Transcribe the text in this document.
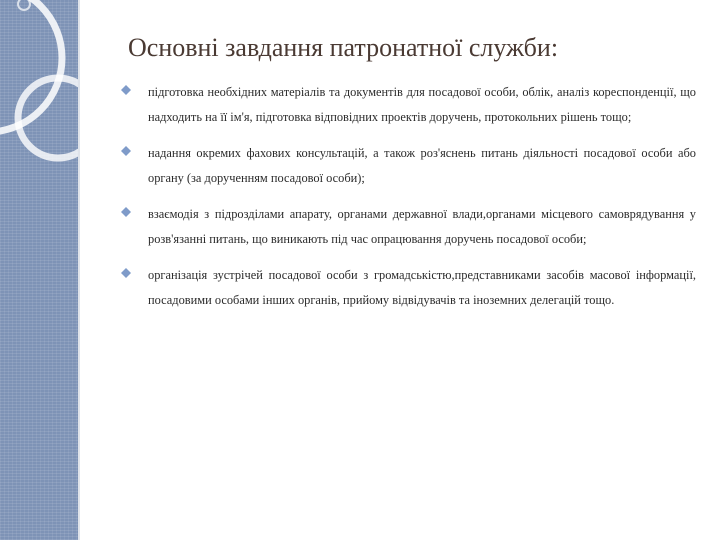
Основні завдання патронатної служби:
підготовка необхідних матеріалів та документів для посадової особи, облік, аналіз кореспонденції, що надходить на її ім'я, підготовка відповідних проектів доручень, протокольних рішень тощо;
надання окремих фахових консультацій, а також роз'яснень питань діяльності посадової особи або органу (за дорученням посадової особи);
взаємодія з підрозділами апарату, органами державної влади,органами місцевого самоврядування у розв'язанні питань, що виникають під час опрацювання доручень посадової особи;
організація зустрічей посадової особи з громадськістю,представниками засобів масової інформації, посадовими особами інших органів, прийому відвідувачів та іноземних делегацій тощо.
